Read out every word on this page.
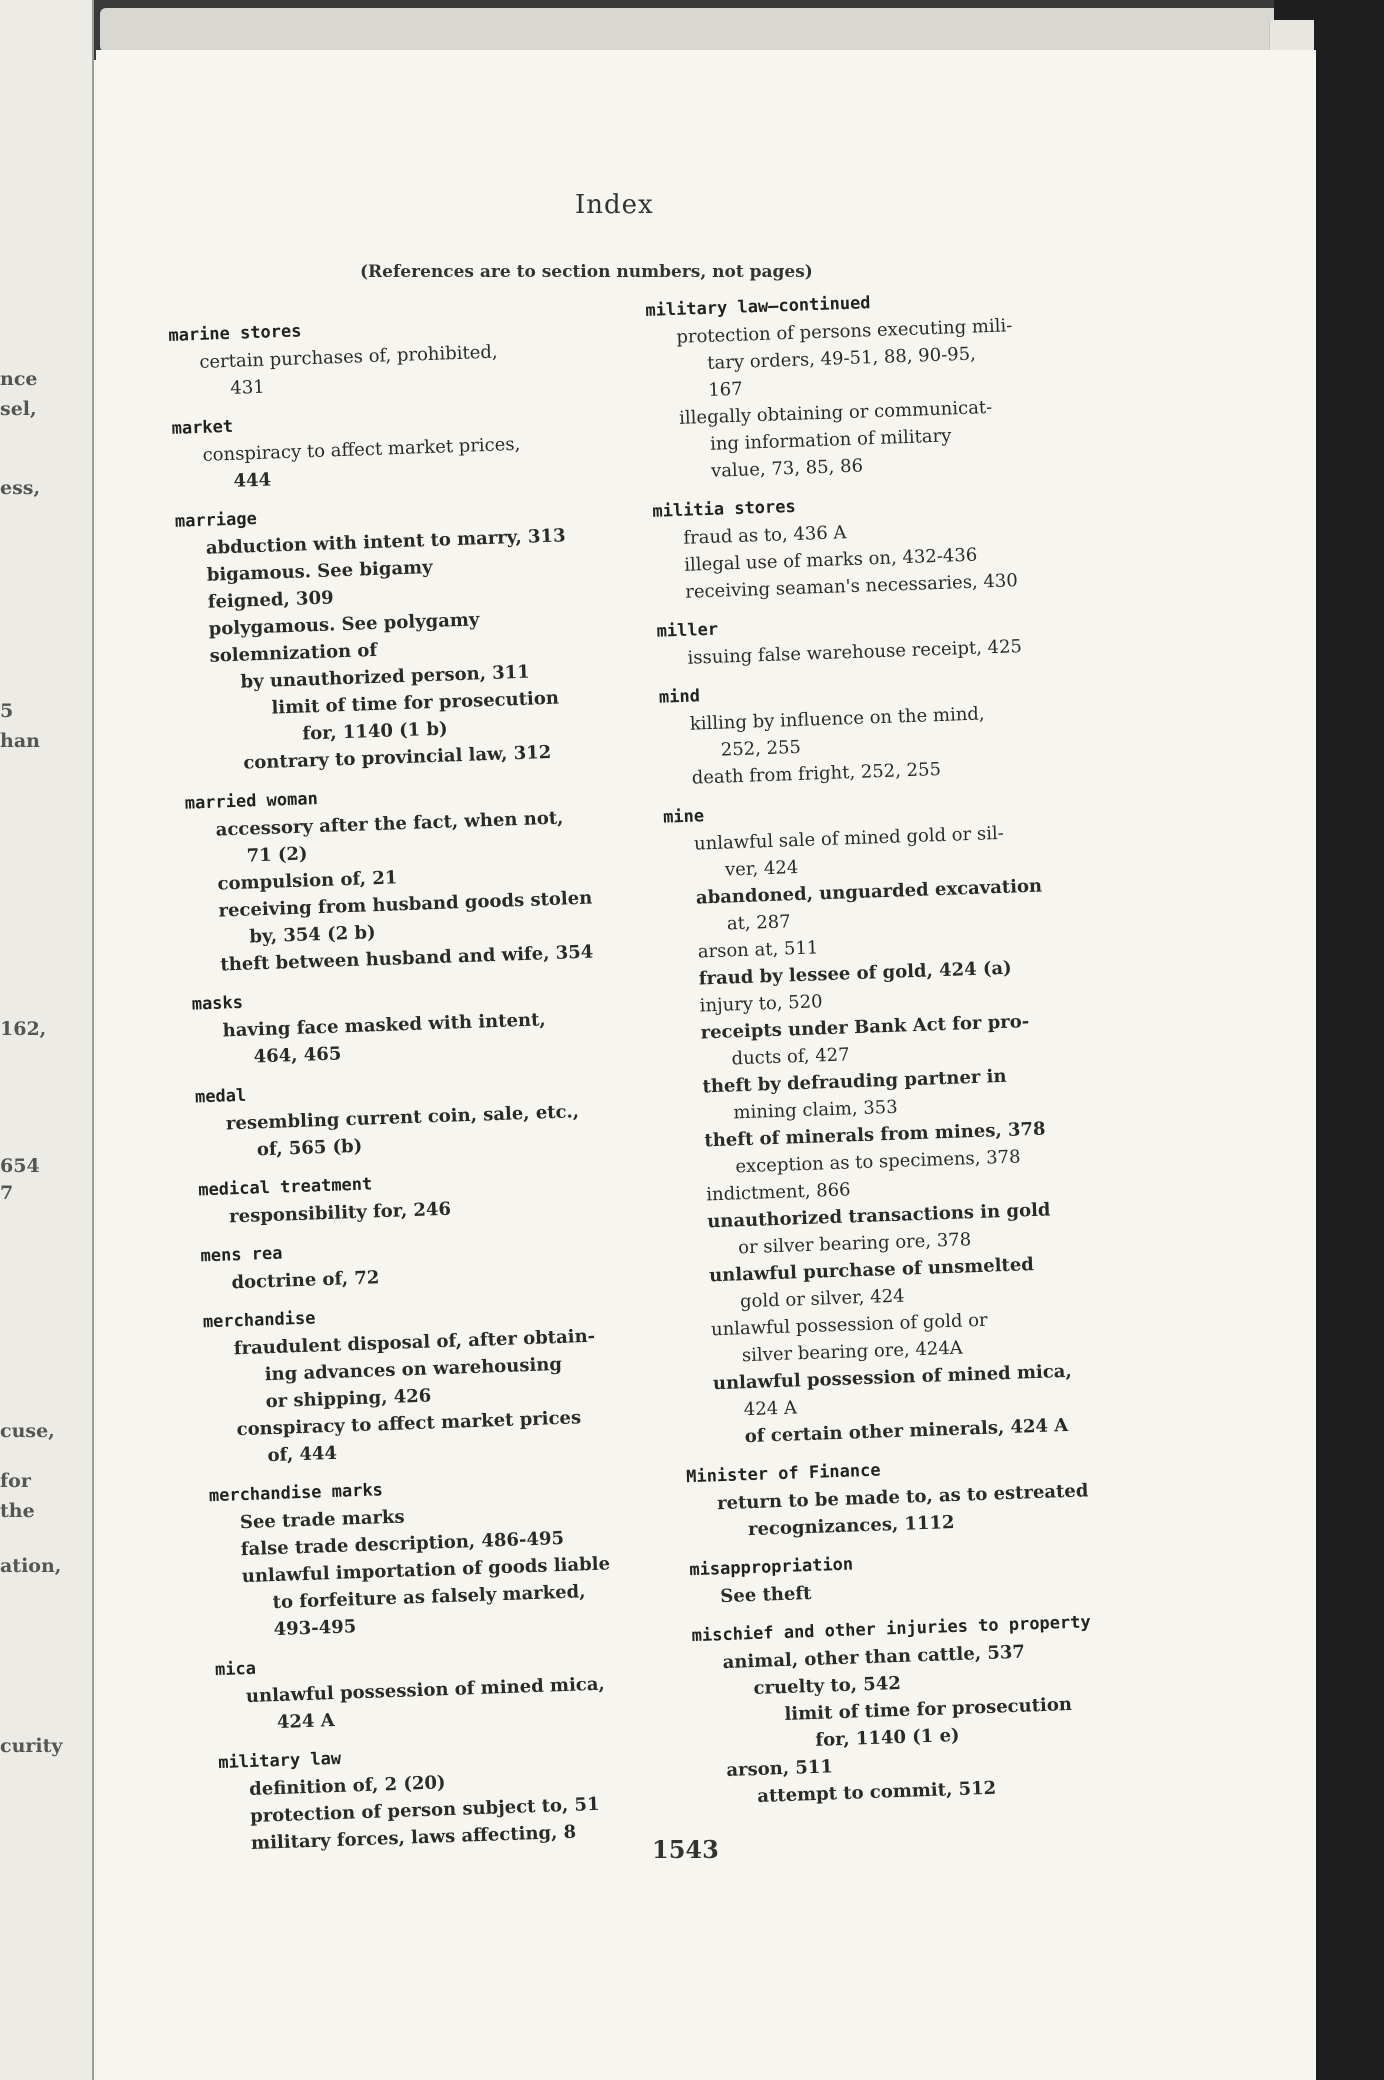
nce
sel,
ess,
5
han
162,
654
7
cuse,
for
the
ation,
curity
Index
(References are to section numbers, not pages)
marine stores
certain purchases of, prohibited,
431
market
conspiracy to affect market prices,
444
marriage
abduction with intent to marry, 313
bigamous. See bigamy
feigned, 309
polygamous. See polygamy
solemnization of
by unauthorized person, 311
limit of time for prosecution
for, 1140 (1 b)
contrary to provincial law, 312
married woman
accessory after the fact, when not,
71 (2)
compulsion of, 21
receiving from husband goods stolen
by, 354 (2 b)
theft between husband and wife, 354
masks
having face masked with intent,
464, 465
medal
resembling current coin, sale, etc.,
of, 565 (b)
medical treatment
responsibility for, 246
mens rea
doctrine of, 72
merchandise
fraudulent disposal of, after obtain-
ing advances on warehousing
or shipping, 426
conspiracy to affect market prices
of, 444
merchandise marks
See trade marks
false trade description, 486-495
unlawful importation of goods liable
to forfeiture as falsely marked,
493-495
mica
unlawful possession of mined mica,
424 A
military law
definition of, 2 (20)
protection of person subject to, 51
military forces, laws affecting, 8
military law—continued
protection of persons executing mili-
tary orders, 49-51, 88, 90-95,
167
illegally obtaining or communicat-
ing information of military
value, 73, 85, 86
militia stores
fraud as to, 436 A
illegal use of marks on, 432-436
receiving seaman's necessaries, 430
miller
issuing false warehouse receipt, 425
mind
killing by influence on the mind,
252, 255
death from fright, 252, 255
mine
unlawful sale of mined gold or sil-
ver, 424
abandoned, unguarded excavation
at, 287
arson at, 511
fraud by lessee of gold, 424 (a)
injury to, 520
receipts under Bank Act for pro-
ducts of, 427
theft by defrauding partner in
mining claim, 353
theft of minerals from mines, 378
exception as to specimens, 378
indictment, 866
unauthorized transactions in gold
or silver bearing ore, 378
unlawful purchase of unsmelted
gold or silver, 424
unlawful possession of gold or
silver bearing ore, 424A
unlawful possession of mined mica,
424 A
of certain other minerals, 424 A
Minister of Finance
return to be made to, as to estreated
recognizances, 1112
misappropriation
See theft
mischief and other injuries to property
animal, other than cattle, 537
cruelty to, 542
limit of time for prosecution
for, 1140 (1 e)
arson, 511
attempt to commit, 512
1543
